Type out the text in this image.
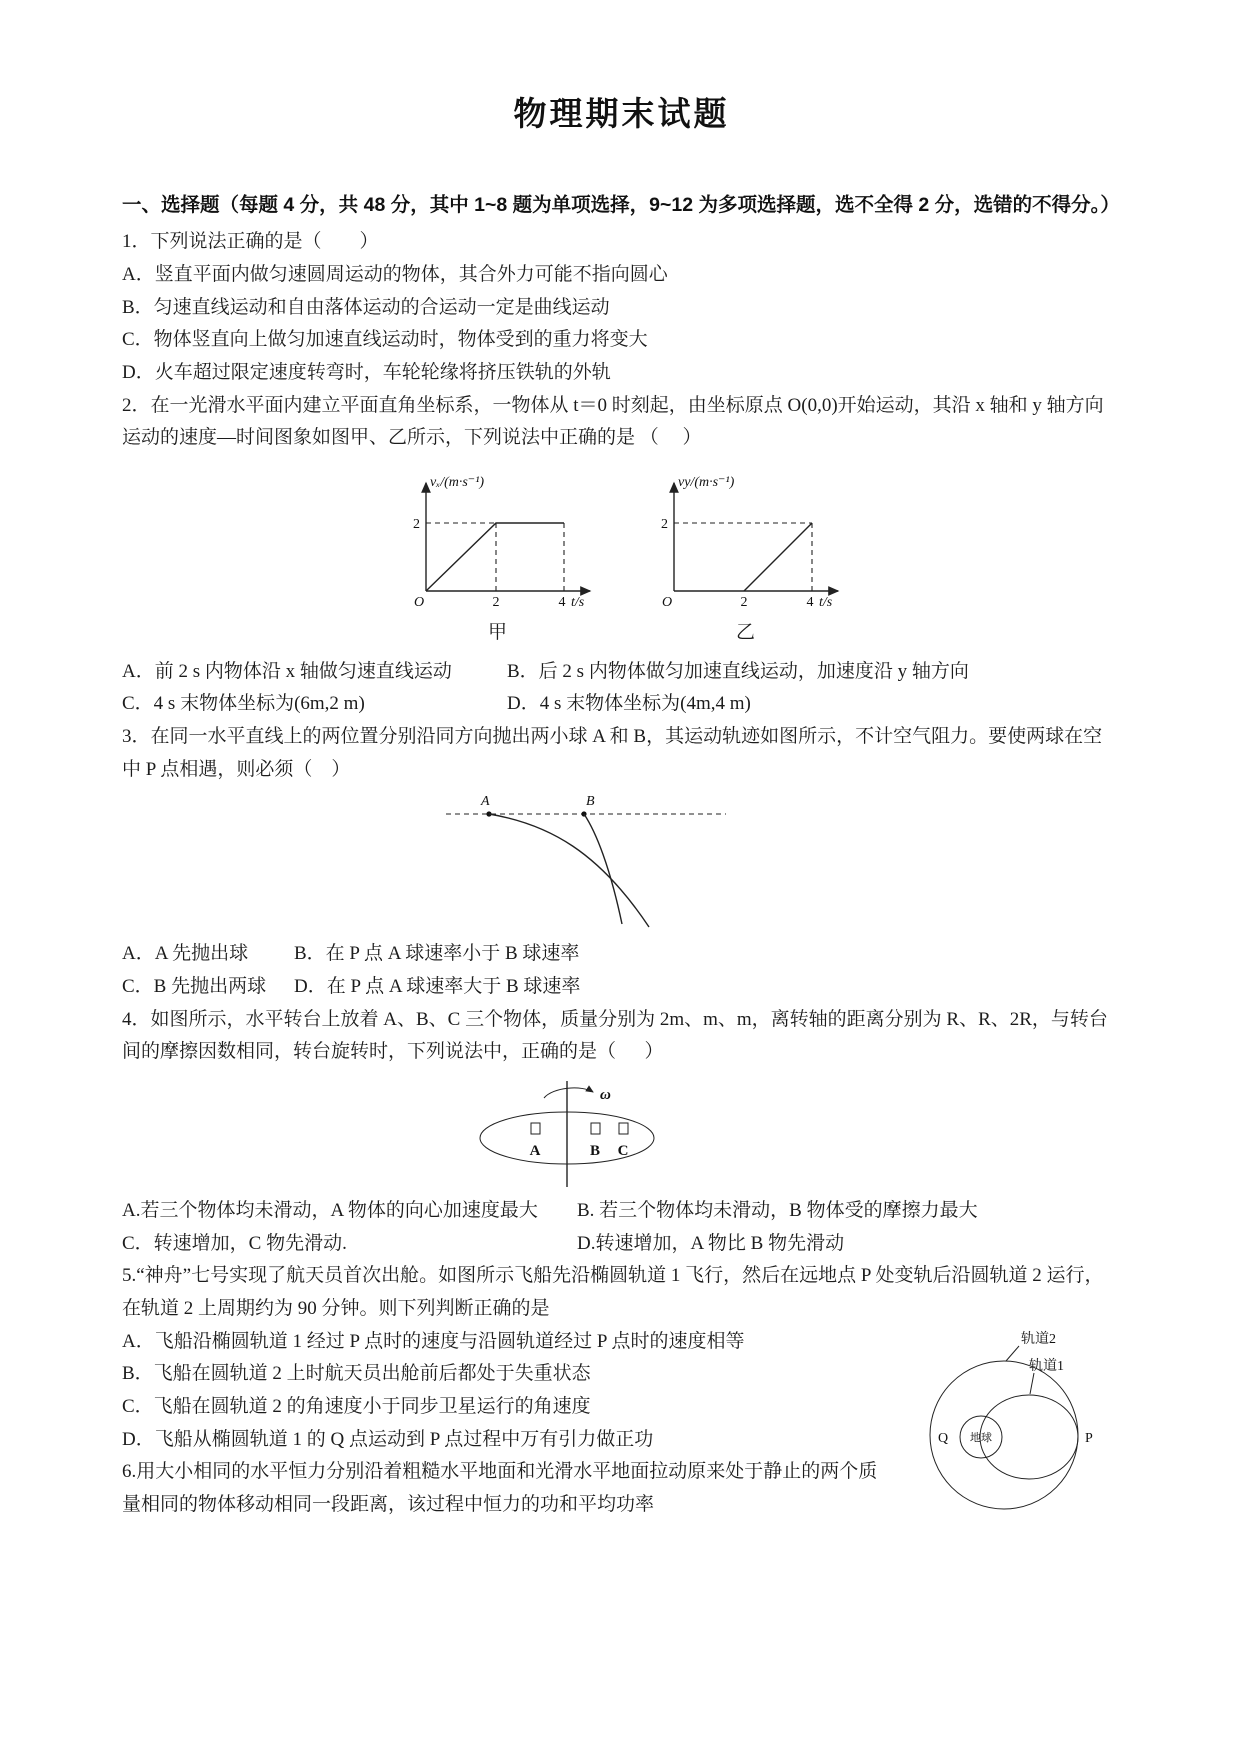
物理期末试题

一、选择题（每题 4 分，共 48 分，其中 1~8 题为单项选择，9~12 为多项选择题，选不全得 2 分，选错的不得分。）

1．下列说法正确的是（        ）

A．竖直平面内做匀速圆周运动的物体，其合外力可能不指向圆心

B．匀速直线运动和自由落体运动的合运动一定是曲线运动

C．物体竖直向上做匀加速直线运动时，物体受到的重力将变大

D．火车超过限定速度转弯时，车轮轮缘将挤压铁轨的外轨

2．在一光滑水平面内建立平面直角坐标系，一物体从 t＝0 时刻起，由坐标原点 O(0,0)开始运动，其沿 x 轴和 y 轴方向运动的速度—时间图象如图甲、乙所示，下列说法中正确的是 （     ）

vₓ/(m·s⁻¹)
2
O	2	4 t/s
甲
vy/(m·s⁻¹)
2
O	2	4 t/s
乙

A．前 2 s 内物体沿 x 轴做匀速直线运动	B．后 2 s 内物体做匀加速直线运动，加速度沿 y 轴方向

C．4 s 末物体坐标为(6m,2 m)	D．4 s 末物体坐标为(4m,4 m)

3．在同一水平直线上的两位置分别沿同方向抛出两小球 A 和 B，其运动轨迹如图所示，不计空气阻力。要使两球在空中 P 点相遇，则必须（    ）

A	B

A．A 先抛出球 B．在 P 点 A 球速率小于 B 球速率

C．B 先抛出两球 D．在 P 点 A 球速率大于 B 球速率

4．如图所示，水平转台上放着 A、B、C 三个物体，质量分别为 2m、m、m，离转轴的距离分别为 R、R、2R，与转台间的摩擦因数相同，转台旋转时，下列说法中，正确的是（      ）

ω
A	B C

A.若三个物体均未滑动，A 物体的向心加速度最大 B. 若三个物体均未滑动，B 物体受的摩擦力最大

C．转速增加，C 物先滑动.	D.转速增加，A 物比 B 物先滑动

5.“神舟”七号实现了航天员首次出舱。如图所示飞船先沿椭圆轨道 1 飞行，然后在远地点 P 处变轨后沿圆轨道 2 运行，在轨道 2 上周期约为 90 分钟。则下列判断正确的是

轨道2
轨道1
地球
Q	P

A．飞船沿椭圆轨道 1 经过 P 点时的速度与沿圆轨道经过 P 点时的速度相等

B．飞船在圆轨道 2 上时航天员出舱前后都处于失重状态

C．飞船在圆轨道 2 的角速度小于同步卫星运行的角速度

D．飞船从椭圆轨道 1 的 Q 点运动到 P 点过程中万有引力做正功

6.用大小相同的水平恒力分别沿着粗糙水平地面和光滑水平地面拉动原来处于静止的两个质量相同的物体移动相同一段距离，该过程中恒力的功和平均功率
